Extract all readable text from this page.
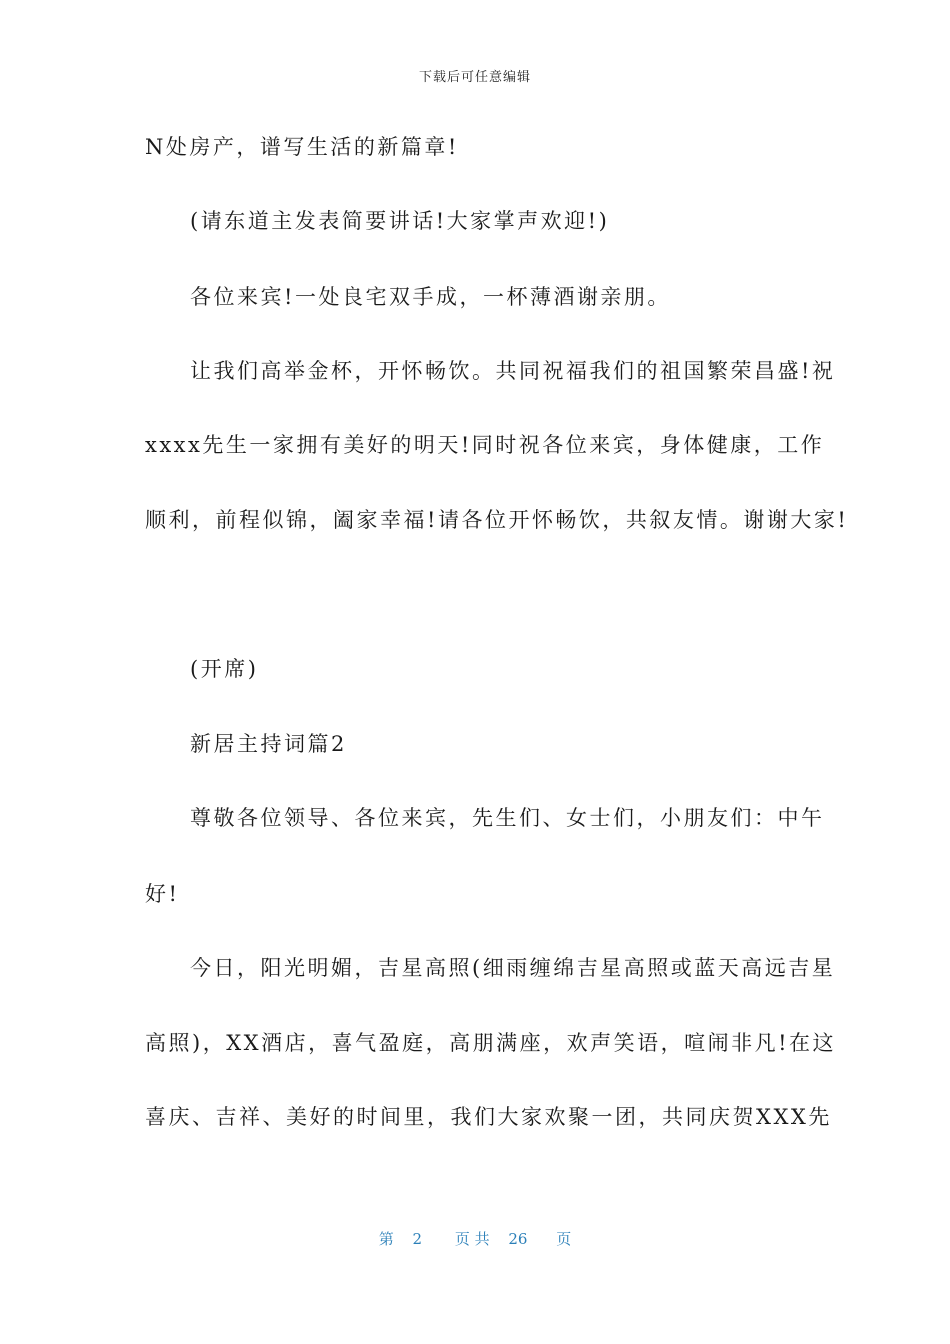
下载后可任意编辑
N处房产，谱写生活的新篇章!
(请东道主发表简要讲话!大家掌声欢迎!)
各位来宾!一处良宅双手成，一杯薄酒谢亲朋。
让我们高举金杯，开怀畅饮。共同祝福我们的祖国繁荣昌盛!祝
xxxx先生一家拥有美好的明天!同时祝各位来宾，身体健康，工作
顺利，前程似锦，阖家幸福!请各位开怀畅饮，共叙友情。谢谢大家!
(开席)
新居主持词篇2
尊敬各位领导、各位来宾，先生们、女士们，小朋友们：中午
好!
今日，阳光明媚，吉星高照(细雨缠绵吉星高照或蓝天高远吉星
高照)，XX酒店，喜气盈庭，高朋满座，欢声笑语，喧闹非凡!在这
喜庆、吉祥、美好的时间里，我们大家欢聚一团，共同庆贺XXX先
第 2 页 共 26 页
